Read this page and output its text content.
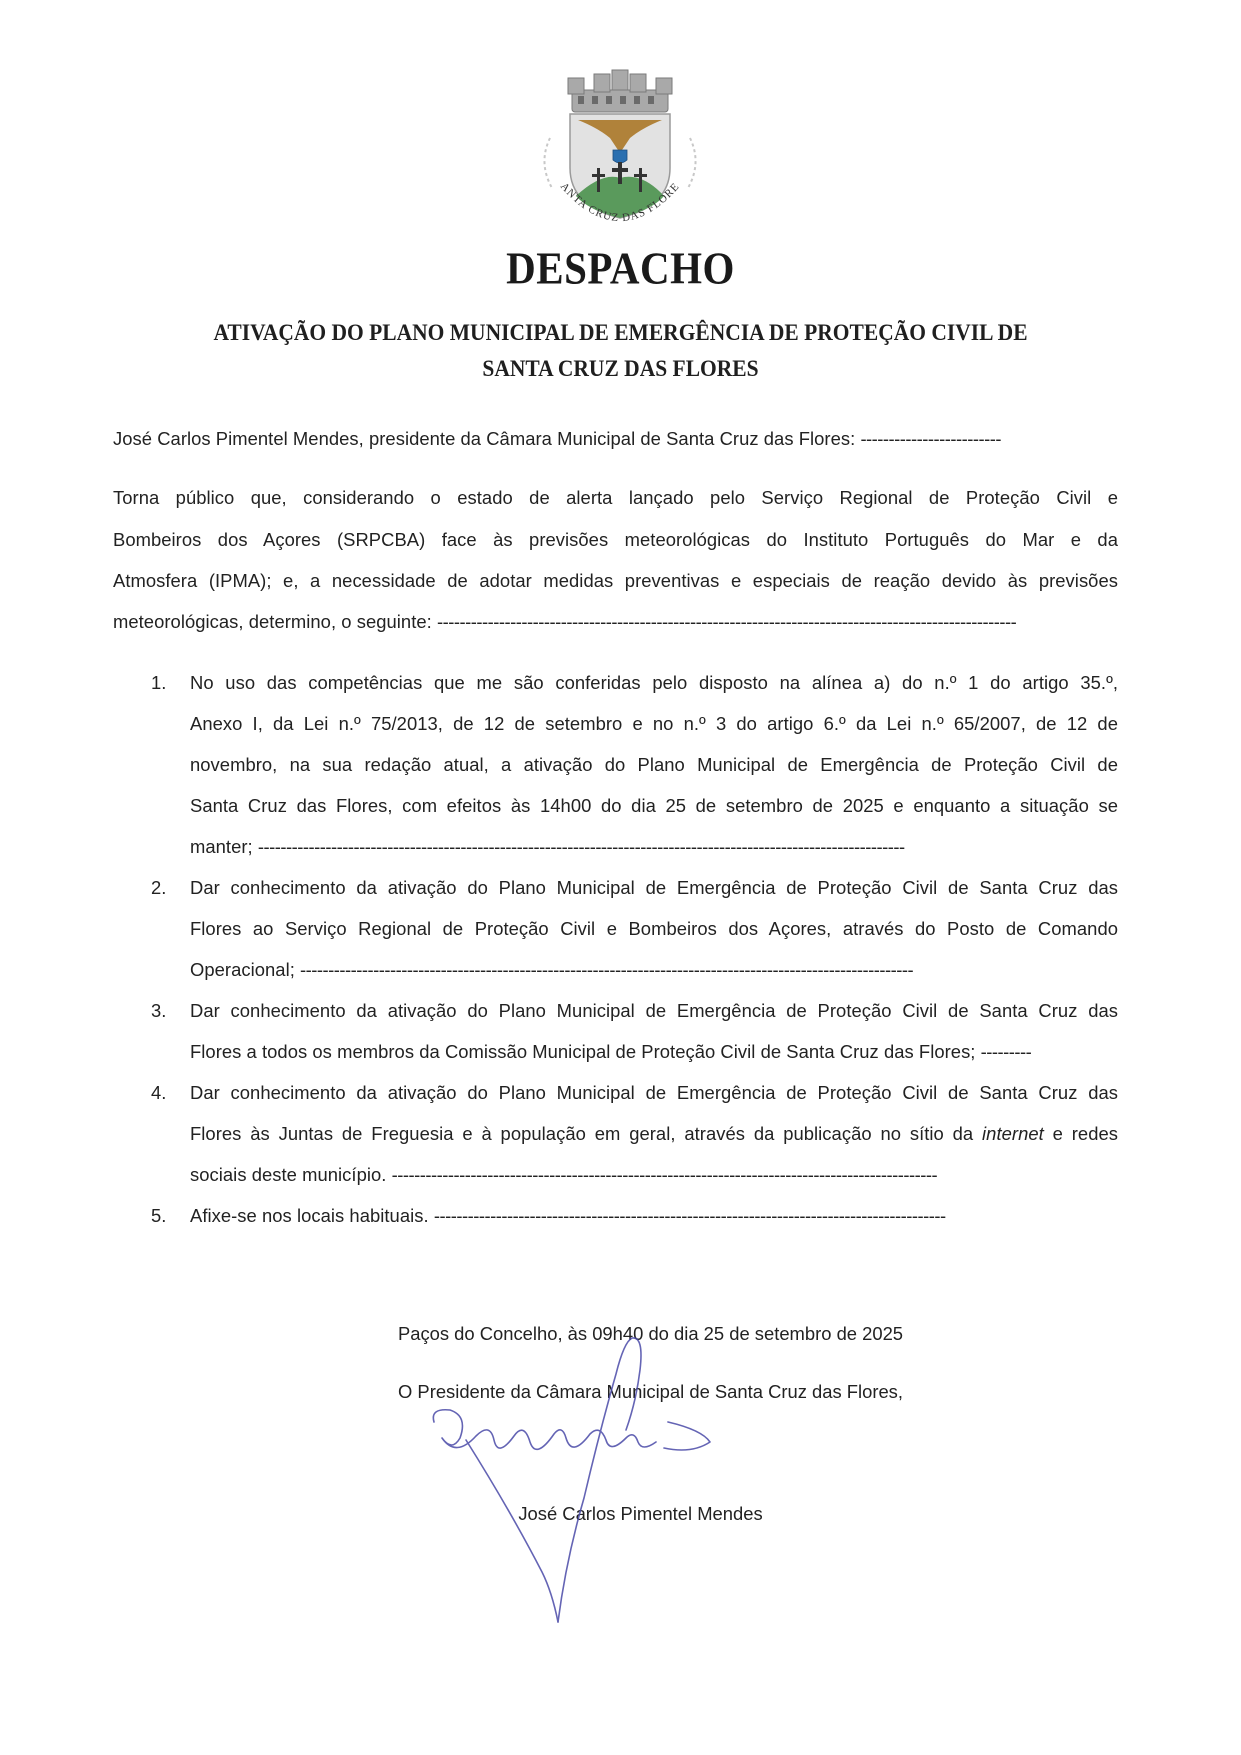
ANTA CRUZ DAS FLORE
DESPACHO
ATIVAÇÃO DO PLANO MUNICIPAL DE EMERGÊNCIA DE PROTEÇÃO CIVIL DE
SANTA CRUZ DAS FLORES
José Carlos Pimentel Mendes, presidente da Câmara Municipal de Santa Cruz das Flores: -------------------------
Torna público que, considerando o estado de alerta lançado pelo Serviço Regional de Proteção Civil e
Bombeiros dos Açores (SRPCBA) face às previsões meteorológicas do Instituto Português do Mar e da
Atmosfera (IPMA); e, a necessidade de adotar medidas preventivas e especiais de reação devido às previsões
meteorológicas, determino, o seguinte: -------------------------------------------------------------------------------------------------------
1. No uso das competências que me são conferidas pelo disposto na alínea a) do n.º 1 do artigo 35.º,
Anexo I, da Lei n.º 75/2013, de 12 de setembro e no n.º 3 do artigo 6.º da Lei n.º 65/2007, de 12 de
novembro, na sua redação atual, a ativação do Plano Municipal de Emergência de Proteção Civil de
Santa Cruz das Flores, com efeitos às 14h00 do dia 25 de setembro de 2025 e enquanto a situação se
manter; -------------------------------------------------------------------------------------------------------------------
2. Dar conhecimento da ativação do Plano Municipal de Emergência de Proteção Civil de Santa Cruz das
Flores ao Serviço Regional de Proteção Civil e Bombeiros dos Açores, através do Posto de Comando
Operacional; -------------------------------------------------------------------------------------------------------------
3. Dar conhecimento da ativação do Plano Municipal de Emergência de Proteção Civil de Santa Cruz das
Flores a todos os membros da Comissão Municipal de Proteção Civil de Santa Cruz das Flores; ---------
4. Dar conhecimento da ativação do Plano Municipal de Emergência de Proteção Civil de Santa Cruz das
Flores às Juntas de Freguesia e à população em geral, através da publicação no sítio da internet e redes
sociais deste município. -------------------------------------------------------------------------------------------------
5. Afixe-se nos locais habituais. -------------------------------------------------------------------------------------------
Paços do Concelho, às 09h40 do dia 25 de setembro de 2025
O Presidente da Câmara Municipal de Santa Cruz das Flores,
José Carlos Pimentel Mendes
